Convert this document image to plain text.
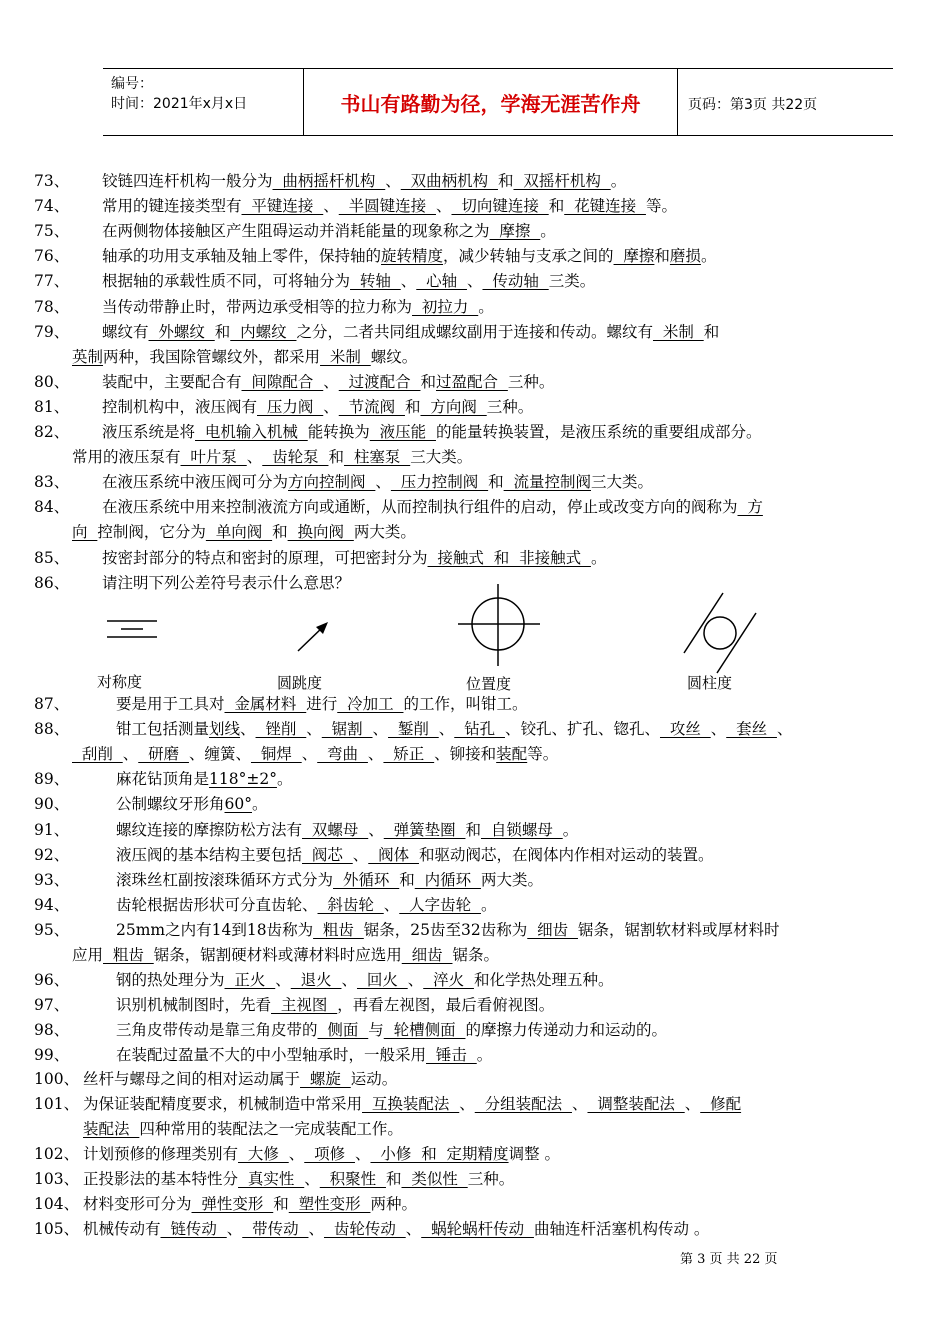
编号：
时间：2021年x月x日	书山有路勤为径，学海无涯苦作舟	页码：第3页 共22页
73、 铰链四连杆机构一般分为  曲柄摇杆机构  、  双曲柄机构  和  双摇杆机构  。
74、 常用的键连接类型有  平键连接  、  半圆键连接  、  切向键连接  和  花键连接  等。
75、 在两侧物体接触区产生阻碍运动并消耗能量的现象称之为  摩擦  。
76、 轴承的功用支承轴及轴上零件，保持轴的旋转精度，减少转轴与支承之间的  摩擦和磨损。
77、 根据轴的承载性质不同，可将轴分为  转轴  、  心轴  、  传动轴  三类。
78、 当传动带静止时，带两边承受相等的拉力称为  初拉力  。
79、 螺纹有  外螺纹  和  内螺纹  之分，二者共同组成螺纹副用于连接和传动。螺纹有  米制  和
英制两种，我国除管螺纹外，都采用  米制  螺纹。
80、 装配中，主要配合有  间隙配合  、  过渡配合  和过盈配合  三种。
81、 控制机构中，液压阀有  压力阀  、  节流阀  和  方向阀  三种。
82、 液压系统是将  电机输入机械  能转换为  液压能  的能量转换装置，是液压系统的重要组成部分。
常用的液压泵有  叶片泵  、  齿轮泵  和  柱塞泵  三大类。
83、 在液压系统中液压阀可分为方向控制阀  、  压力控制阀  和  流量控制阀三大类。
84、 在液压系统中用来控制液流方向或通断，从而控制执行组件的启动，停止或改变方向的阀称为  方
向  控制阀，它分为  单向阀  和  换向阀  两大类。
85、 按密封部分的特点和密封的原理，可把密封分为  接触式  和  非接触式  。
86、 请注明下列公差符号表示什么意思？
87、	要是用于工具对  金属材料  进行  冷加工  的工作，叫钳工。
88、	钳工包括测量划线、  锉削  、  锯割  、  錾削  、  钻孔  、铰孔、扩孔、锪孔、  攻丝  、  套丝  、
刮削  、  研磨  、缠簧、  铜焊  、  弯曲  、  矫正  、铆接和装配等。
89、	麻花钻顶角是118°±2°。
90、	公制螺纹牙形角60°。
91、	螺纹连接的摩擦防松方法有  双螺母  、  弹簧垫圈  和  自锁螺母  。
92、	液压阀的基本结构主要包括  阀芯  、  阀体  和驱动阀芯，在阀体内作相对运动的装置。
93、	滚珠丝杠副按滚珠循环方式分为  外循环  和  内循环  两大类。
94、	齿轮根据齿形状可分直齿轮、  斜齿轮  、  人字齿轮  。
95、	25mm之内有14到18齿称为  粗齿  锯条，25齿至32齿称为  细齿  锯条，锯割软材料或厚材料时
应用  粗齿  锯条，锯割硬材料或薄材料时应选用  细齿  锯条。
96、	钢的热处理分为  正火  、  退火  、  回火  、  淬火  和化学热处理五种。
97、	识别机械制图时，先看  主视图  ，再看左视图，最后看俯视图。
98、	三角皮带传动是靠三角皮带的  侧面  与  轮槽侧面  的摩擦力传递动力和运动的。
99、	在装配过盈量不大的中小型轴承时，一般采用  锤击  。
100、 丝杆与螺母之间的相对运动属于  螺旋  运动。
101、 为保证装配精度要求，机械制造中常采用  互换装配法  、  分组装配法  、  调整装配法  、  修配
装配法  四种常用的装配法之一完成装配工作。
102、 计划预修的修理类别有  大修  、  项修  、  小修  和  定期精度调整 。
103、 正投影法的基本特性分  真实性  、  积聚性  和  类似性  三种。
104、 材料变形可分为  弹性变形  和  塑性变形  两种。
105、 机械传动有  链传动  、  带传动  、  齿轮传动  、  蜗轮蜗杆传动  曲轴连杆活塞机构传动 。
对称度	圆跳度	位置度	圆柱度
第 3 页 共 22 页
